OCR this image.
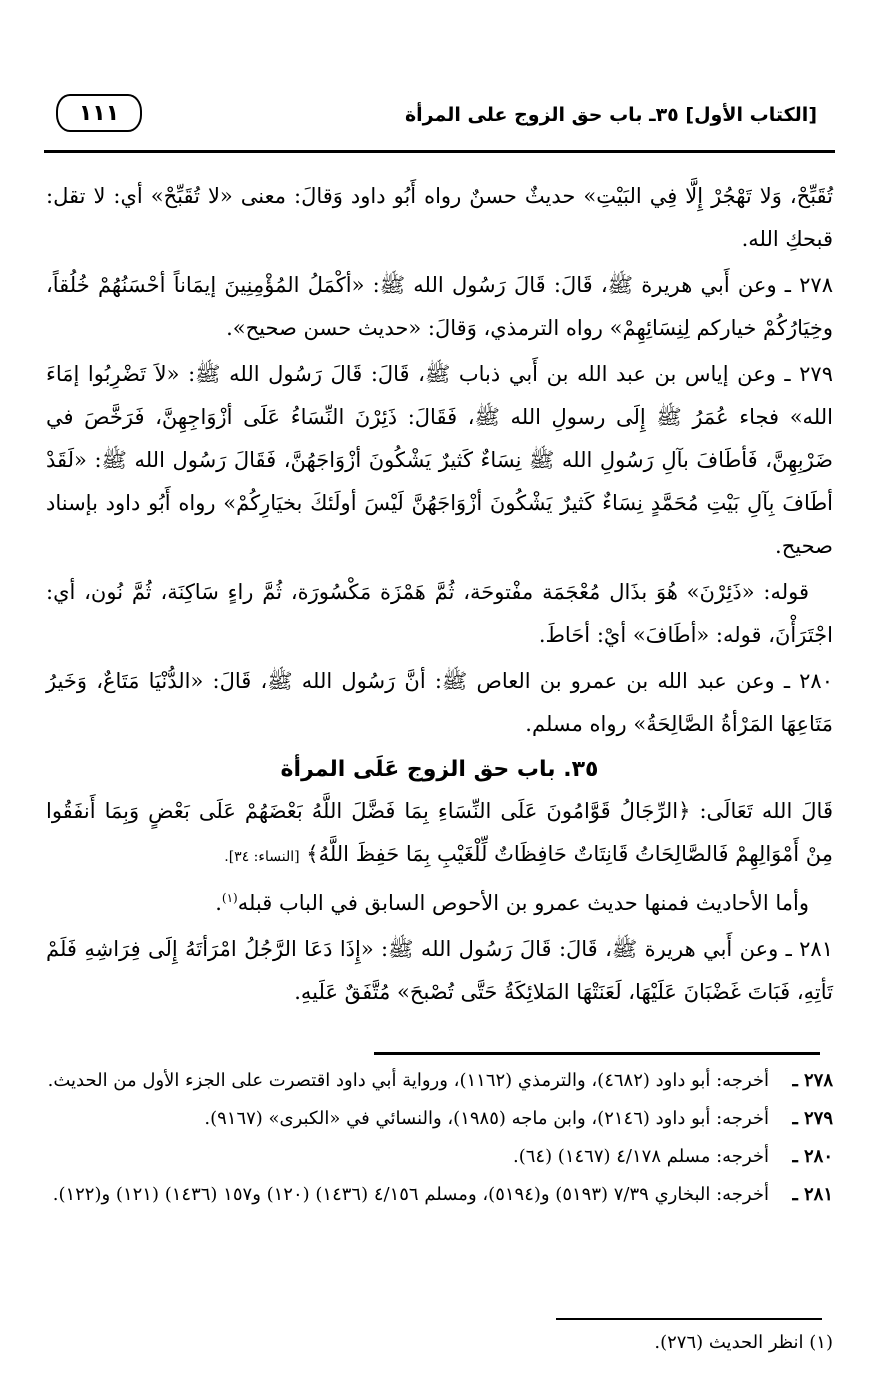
[الكتاب الأول] ٣٥ـ باب حق الزوج على المرأة
١١١

تُقَبِّحْ، وَلا تَهْجُرْ إِلَّا فِي البَيْتِ» حديثٌ حسنٌ رواه أَبُو داود وَقالَ: معنى «لا تُقَبِّحْ» أي: لا تقل: قبحكِ الله.

٢٧٨ ـ وعن أَبي هريرة ﷺ، قَالَ: قَالَ رَسُول الله ﷺ: «أكْمَلُ المُؤْمِنِينَ إيمَاناً أحْسَنُهُمْ خُلُقاً، وخِيَارُكُمْ خياركم لِنِسَائِهِمْ» رواه الترمذي، وَقالَ: «حديث حسن صحيح».

٢٧٩ ـ وعن إياس بن عبد الله بن أَبي ذباب ﷺ، قَالَ: قَالَ رَسُول الله ﷺ: «لاَ تَضْرِبُوا إمَاءَ الله» فجاء عُمَرُ ﷺ إِلَى رسولِ الله ﷺ، فَقَالَ: ذَئِرْنَ النِّسَاءُ عَلَى أزْوَاجِهِنَّ، فَرَخَّصَ في ضَرْبِهِنَّ، فَأطَافَ بآلِ رَسُولِ الله ﷺ نِسَاءٌ كَثيرٌ يَشْكُونَ أزْوَاجَهُنَّ، فَقَالَ رَسُول الله ﷺ: «لَقَدْ أطَافَ بِآلِ بَيْتِ مُحَمَّدٍ نِسَاءٌ كَثيرٌ يَشْكُونَ أزْوَاجَهُنَّ لَيْسَ أولَئكَ بخيَارِكُمْ» رواه أَبُو داود بإسناد صحيح.

قوله: «ذَئِرْنَ» هُوَ بذَال مُعْجَمَة مفْتوحَة، ثُمَّ هَمْزَة مَكْسُورَة، ثُمَّ راءٍ سَاكِنَة، ثُمَّ نُون، أي: اجْتَرَأْنَ، قوله: «أطَافَ» أيْ: أحَاطَ.

٢٨٠ ـ وعن عبد الله بن عمرو بن العاص ﷺ: أنَّ رَسُول الله ﷺ، قَالَ: «الدُّنْيَا مَتَاعٌ، وَخَيرُ مَتَاعِهَا المَرْأةُ الصَّالِحَةُ» رواه مسلم.

٣٥. باب حق الزوج عَلَى المرأة

قَالَ الله تَعَالَى: ﴿الرِّجَالُ قَوَّامُونَ عَلَى النِّسَاءِ بِمَا فَضَّلَ اللَّهُ بَعْضَهُمْ عَلَى بَعْضٍ وَبِمَا أَنفَقُوا مِنْ أَمْوَالِهِمْ فَالصَّالِحَاتُ قَانِتَاتٌ حَافِظَاتٌ لِّلْغَيْبِ بِمَا حَفِظَ اللَّهُ﴾ [النساء: ٣٤].

وأما الأحاديث فمنها حديث عمرو بن الأحوص السابق في الباب قبله$^{(١)}$.

٢٨١ ـ وعن أَبي هريرة ﷺ، قَالَ: قَالَ رَسُول الله ﷺ: «إِذَا دَعَا الرَّجُلُ امْرَأتَهُ إِلَى فِرَاشِهِ فَلَمْ تَأتِهِ، فَبَاتَ غَضْبَانَ عَلَيْهَا، لَعَنَتْهَا المَلائِكَةُ حَتَّى تُصْبحَ» مُتَّفَقٌ عَلَيهِ.

٢٧٨ ـ
أخرجه: أبو داود (٤٦٨٢)، والترمذي (١١٦٢)، ورواية أبي داود اقتصرت على الجزء الأول من الحديث.
٢٧٩ ـ
أخرجه: أبو داود (٢١٤٦)، وابن ماجه (١٩٨٥)، والنسائي في «الكبرى» (٩١٦٧).
٢٨٠ ـ
أخرجه: مسلم ٤/١٧٨ (١٤٦٧) (٦٤).
٢٨١ ـ
أخرجه: البخاري ٧/٣٩ (٥١٩٣) و(٥١٩٤)، ومسلم ٤/١٥٦ (١٤٣٦) (١٢٠) و١٥٧ (١٤٣٦) (١٢١) و(١٢٢).
(١) انظر الحديث (٢٧٦).
